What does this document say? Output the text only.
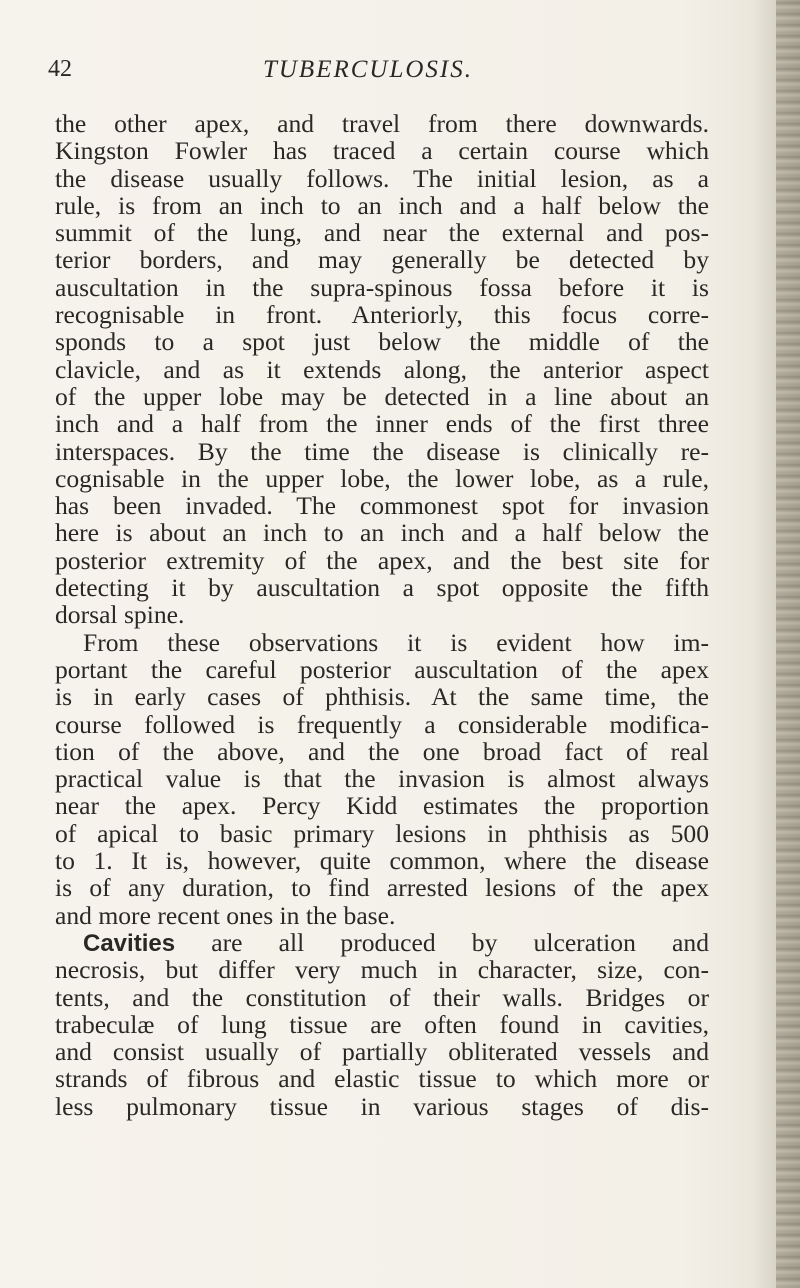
42	TUBERCULOSIS.
the other apex, and travel from there downwards.
Kingston Fowler has traced a certain course which
the disease usually follows. The initial lesion, as a
rule, is from an inch to an inch and a half below the
summit of the lung, and near the external and pos-
terior borders, and may generally be detected by
auscultation in the supra-spinous fossa before it is
recognisable in front. Anteriorly, this focus corre-
sponds to a spot just below the middle of the
clavicle, and as it extends along, the anterior aspect
of the upper lobe may be detected in a line about an
inch and a half from the inner ends of the first three
interspaces. By the time the disease is clinically re-
cognisable in the upper lobe, the lower lobe, as a rule,
has been invaded. The commonest spot for invasion
here is about an inch to an inch and a half below the
posterior extremity of the apex, and the best site for
detecting it by auscultation a spot opposite the fifth
dorsal spine.
From these observations it is evident how im-
portant the careful posterior auscultation of the apex
is in early cases of phthisis. At the same time, the
course followed is frequently a considerable modifica-
tion of the above, and the one broad fact of real
practical value is that the invasion is almost always
near the apex. Percy Kidd estimates the proportion
of apical to basic primary lesions in phthisis as 500
to 1. It is, however, quite common, where the disease
is of any duration, to find arrested lesions of the apex
and more recent ones in the base.
Cavities are all produced by ulceration and
necrosis, but differ very much in character, size, con-
tents, and the constitution of their walls. Bridges or
trabeculæ of lung tissue are often found in cavities,
and consist usually of partially obliterated vessels and
strands of fibrous and elastic tissue to which more or
less pulmonary tissue in various stages of dis-
